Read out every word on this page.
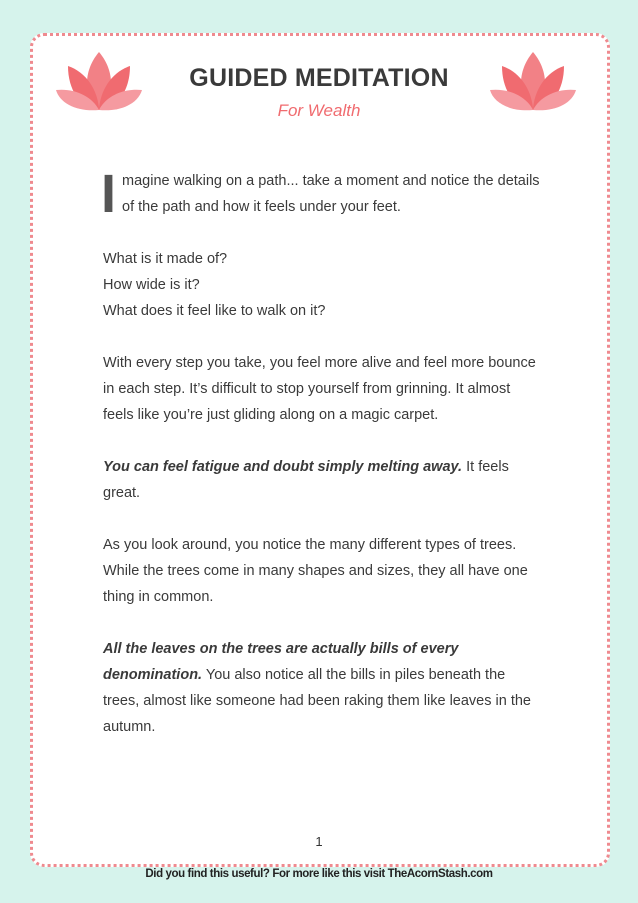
GUIDED MEDITATION
For Wealth

Imagine walking on a path... take a moment and notice the details of the path and how it feels under your feet.

What is it made of?
How wide is it?
What does it feel like to walk on it?

With every step you take, you feel more alive and feel more bounce in each step. It’s difficult to stop yourself from grinning. It almost feels like you’re just gliding along on a magic carpet.

You can feel fatigue and doubt simply melting away. It feels great.

As you look around, you notice the many different types of trees. While the trees come in many shapes and sizes, they all have one thing in common.

All the leaves on the trees are actually bills of every denomination. You also notice all the bills in piles beneath the trees, almost like someone had been raking them like leaves in the autumn.

1
Did you find this useful? For more like this visit TheAcornStash.com
